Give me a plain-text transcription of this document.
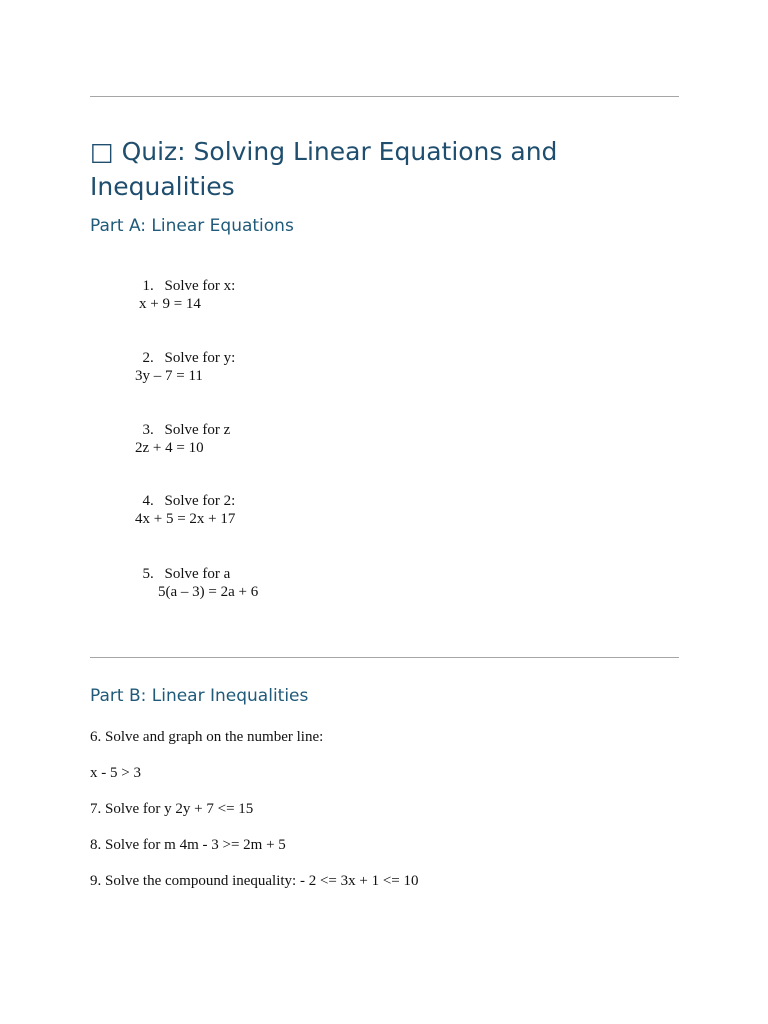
□ Quiz: Solving Linear Equations and Inequalities
Part A: Linear Equations

1. Solve for x:

x + 9 = 14

2. Solve for y:

3y – 7 = 11

3. Solve for z

2z + 4 = 10

4. Solve for 2:

4x + 5 = 2x + 17

5. Solve for a

5(a – 3) = 2a + 6
Part B: Linear Inequalities
6. Solve and graph on the number line:
x - 5 > 3
7. Solve for y 2y + 7 <= 15
8. Solve for m 4m - 3 >= 2m + 5
9. Solve the compound inequality: - 2 <= 3x + 1 <= 10
